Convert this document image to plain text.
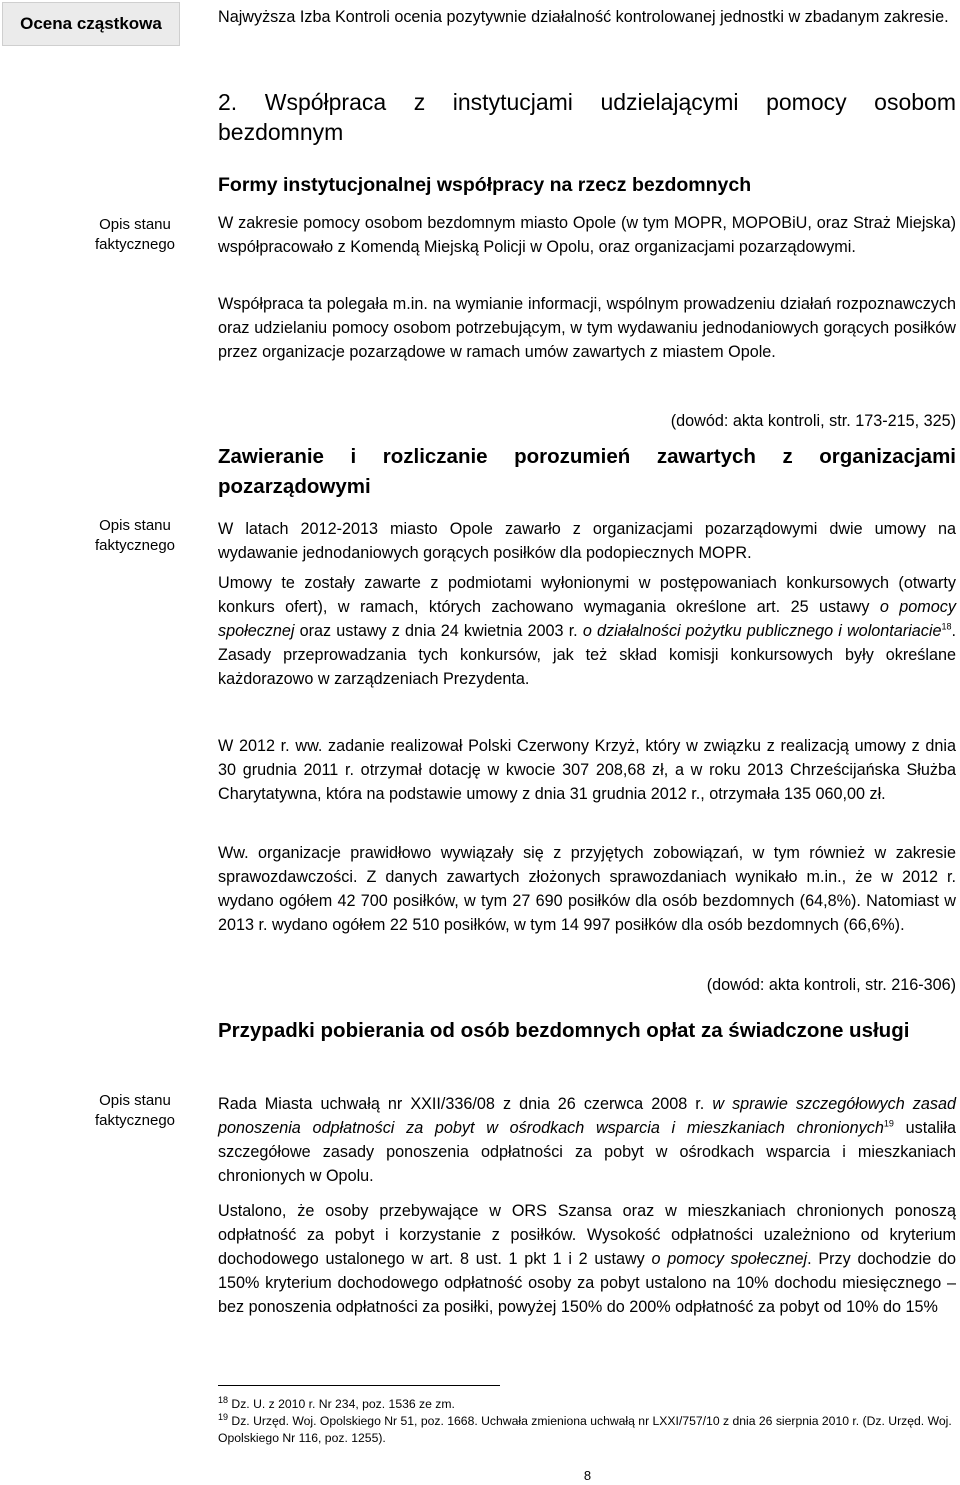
Ocena cząstkowa
Opis stanu faktycznego
Opis stanu faktycznego
Opis stanu faktycznego
Najwyższa Izba Kontroli ocenia pozytywnie działalność kontrolowanej jednostki w zbadanym zakresie.
2. Współpraca z instytucjami udzielającymi pomocy osobom bezdomnym
Formy instytucjonalnej współpracy na rzecz bezdomnych
W zakresie pomocy osobom bezdomnym miasto Opole (w tym MOPR, MOPOBiU, oraz Straż Miejska) współpracowało z Komendą Miejską Policji w Opolu, oraz organizacjami pozarządowymi.
Współpraca ta polegała m.in. na wymianie informacji, wspólnym prowadzeniu działań rozpoznawczych oraz udzielaniu pomocy osobom potrzebującym, w tym wydawaniu jednodaniowych gorących posiłków przez organizacje pozarządowe w ramach umów zawartych z miastem Opole.
(dowód: akta kontroli, str. 173-215, 325)
Zawieranie i rozliczanie porozumień zawartych z organizacjami pozarządowymi
W latach 2012-2013 miasto Opole zawarło z organizacjami pozarządowymi dwie umowy na wydawanie jednodaniowych gorących posiłków dla podopiecznych MOPR.
Umowy te zostały zawarte z podmiotami wyłonionymi w postępowaniach konkursowych (otwarty konkurs ofert), w ramach, których zachowano wymagania określone art. 25 ustawy o pomocy społecznej oraz ustawy z dnia 24 kwietnia 2003 r. o działalności pożytku publicznego i wolontariacie$^{18}$. Zasady przeprowadzania tych konkursów, jak też skład komisji konkursowych były określane każdorazowo w zarządzeniach Prezydenta.
W 2012 r. ww. zadanie realizował Polski Czerwony Krzyż, który w związku z realizacją umowy z dnia 30 grudnia 2011 r. otrzymał dotację w kwocie 307 208,68 zł, a w roku 2013 Chrześcijańska Służba Charytatywna, która na podstawie umowy z dnia 31 grudnia 2012 r., otrzymała 135 060,00 zł.
Ww. organizacje prawidłowo wywiązały się z przyjętych zobowiązań, w tym również w zakresie sprawozdawczości. Z danych zawartych złożonych sprawozdaniach wynikało m.in., że w 2012 r. wydano ogółem 42 700 posiłków, w tym 27 690 posiłków dla osób bezdomnych (64,8%). Natomiast w 2013 r. wydano ogółem 22 510 posiłków, w tym 14 997 posiłków dla osób bezdomnych (66,6%).
(dowód: akta kontroli, str. 216-306)
Przypadki pobierania od osób bezdomnych opłat za świadczone usługi
Rada Miasta uchwałą nr XXII/336/08 z dnia 26 czerwca 2008 r. w sprawie szczegółowych zasad ponoszenia odpłatności za pobyt w ośrodkach wsparcia i mieszkaniach chronionych$^{19}$ ustaliła szczegółowe zasady ponoszenia odpłatności za pobyt w ośrodkach wsparcia i mieszkaniach chronionych w Opolu.
Ustalono, że osoby przebywające w ORS Szansa oraz w mieszkaniach chronionych ponoszą odpłatność za pobyt i korzystanie z posiłków. Wysokość odpłatności uzależniono od kryterium dochodowego ustalonego w art. 8 ust. 1 pkt 1 i 2 ustawy o pomocy społecznej. Przy dochodzie do 150% kryterium dochodowego odpłatność osoby za pobyt ustalono na 10% dochodu miesięcznego – bez ponoszenia odpłatności za posiłki, powyżej 150% do 200% odpłatność za pobyt od 10% do 15%
$^{18}$ Dz. U. z 2010 r. Nr 234, poz. 1536 ze zm.
$^{19}$ Dz. Urzęd. Woj. Opolskiego Nr 51, poz. 1668. Uchwała zmieniona uchwałą nr LXXI/757/10 z dnia 26 sierpnia 2010 r. (Dz. Urzęd. Woj. Opolskiego Nr 116, poz. 1255).
8
